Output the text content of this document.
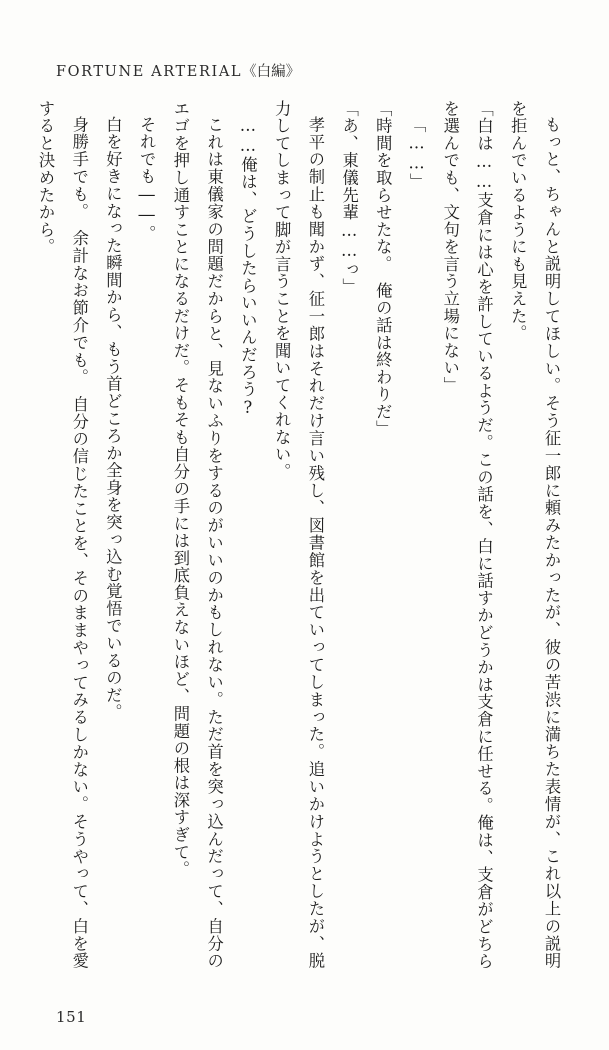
FORTUNE ARTERIAL《白編》

もっと、ちゃんと説明してほしい。そう征一郎に頼みたかったが、彼の苦渋に満ちた表情が、これ以上の説明を拒んでいるようにも見えた。

「白は……支倉には心を許しているようだ。この話を、白に話すかどうかは支倉に任せる。俺は、支倉がどちらを選んでも、文句を言う立場にない」

「……」

「時間を取らせたな。　俺の話は終わりだ」

「あ、東儀先輩……っ」

孝平の制止も聞かず、征一郎はそれだけ言い残し、図書館を出ていってしまった。追いかけようとしたが、脱力してしまって脚が言うことを聞いてくれない。

……俺は、どうしたらいいんだろう?

これは東儀家の問題だからと、見ないふりをするのがいいのかもしれない。ただ首を突っ込んだって、自分のエゴを押し通すことになるだけだ。そもそも自分の手には到底負えないほど、問題の根は深すぎて。

それでも――。

白を好きになった瞬間から、もう首どころか全身を突っ込む覚悟でいるのだ。

身勝手でも。　余計なお節介でも。　自分の信じたことを、そのままやってみるしかない。そうやって、白を愛すると決めたから。

151
